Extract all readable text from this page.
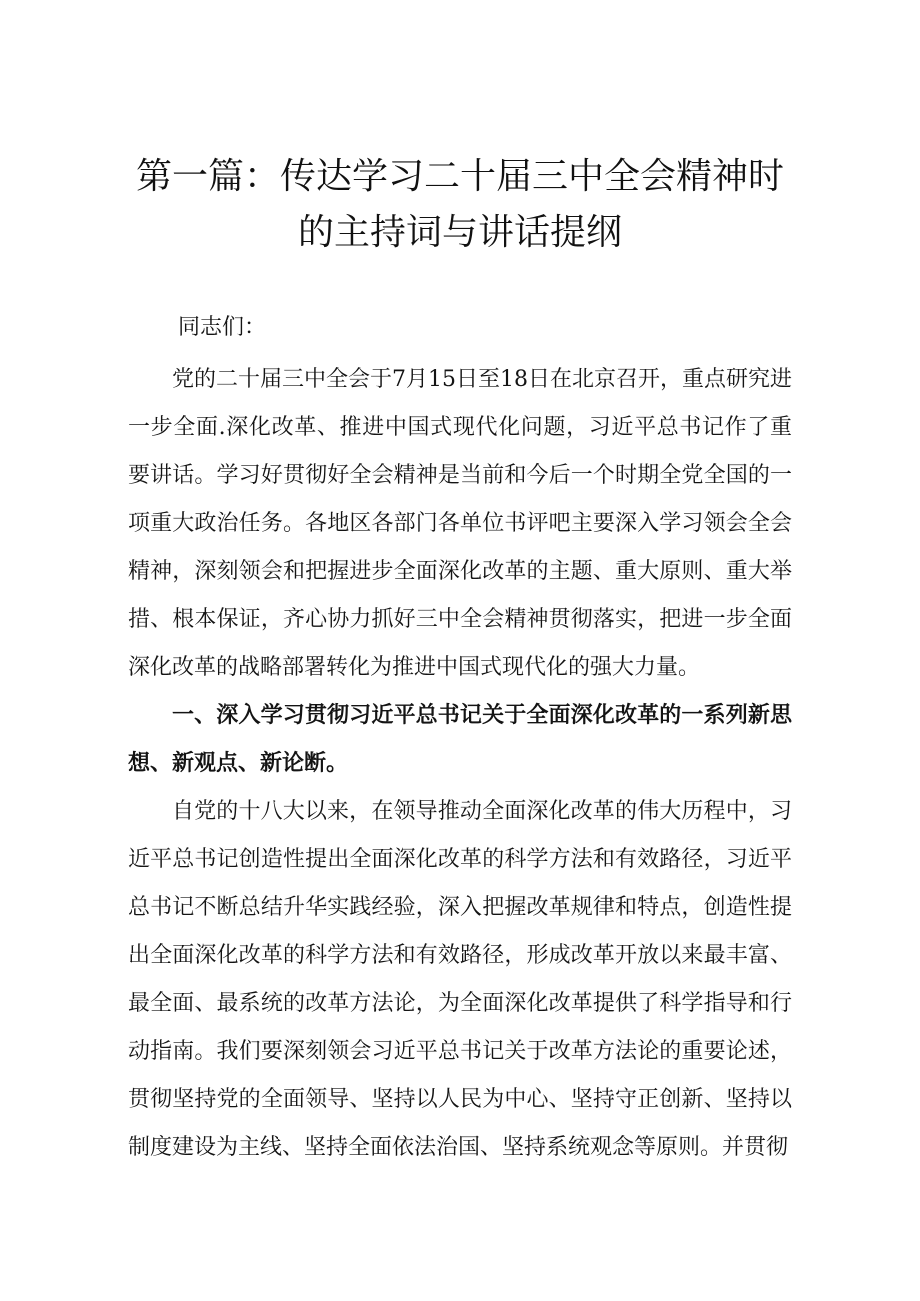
第一篇：传达学习二十届三中全会精神时
的主持词与讲话提纲
同志们：

党的二十届三中全会于7月15日至18日在北京召开，重点研究进一步全面.深化改革、推进中国式现代化问题，习近平总书记作了重要讲话。学习好贯彻好全会精神是当前和今后一个时期全党全国的一项重大政治任务。各地区各部门各单位书评吧主要深入学习领会全会精神，深刻领会和把握进步全面深化改革的主题、重大原则、重大举措、根本保证，齐心协力抓好三中全会精神贯彻落实，把进一步全面深化改革的战略部署转化为推进中国式现代化的强大力量。

一、深入学习贯彻习近平总书记关于全面深化改革的一系列新思想、新观点、新论断。

自党的十八大以来，在领导推动全面深化改革的伟大历程中，习近平总书记创造性提出全面深化改革的科学方法和有效路径，习近平总书记不断总结升华实践经验，深入把握改革规律和特点，创造性提出全面深化改革的科学方法和有效路径，形成改革开放以来最丰富、最全面、最系统的改革方法论，为全面深化改革提供了科学指导和行动指南。我们要深刻领会习近平总书记关于改革方法论的重要论述，贯彻坚持党的全面领导、坚持以人民为中心、坚持守正创新、坚持以制度建设为主线、坚持全面依法治国、坚持系统观念等原则。并贯彻
